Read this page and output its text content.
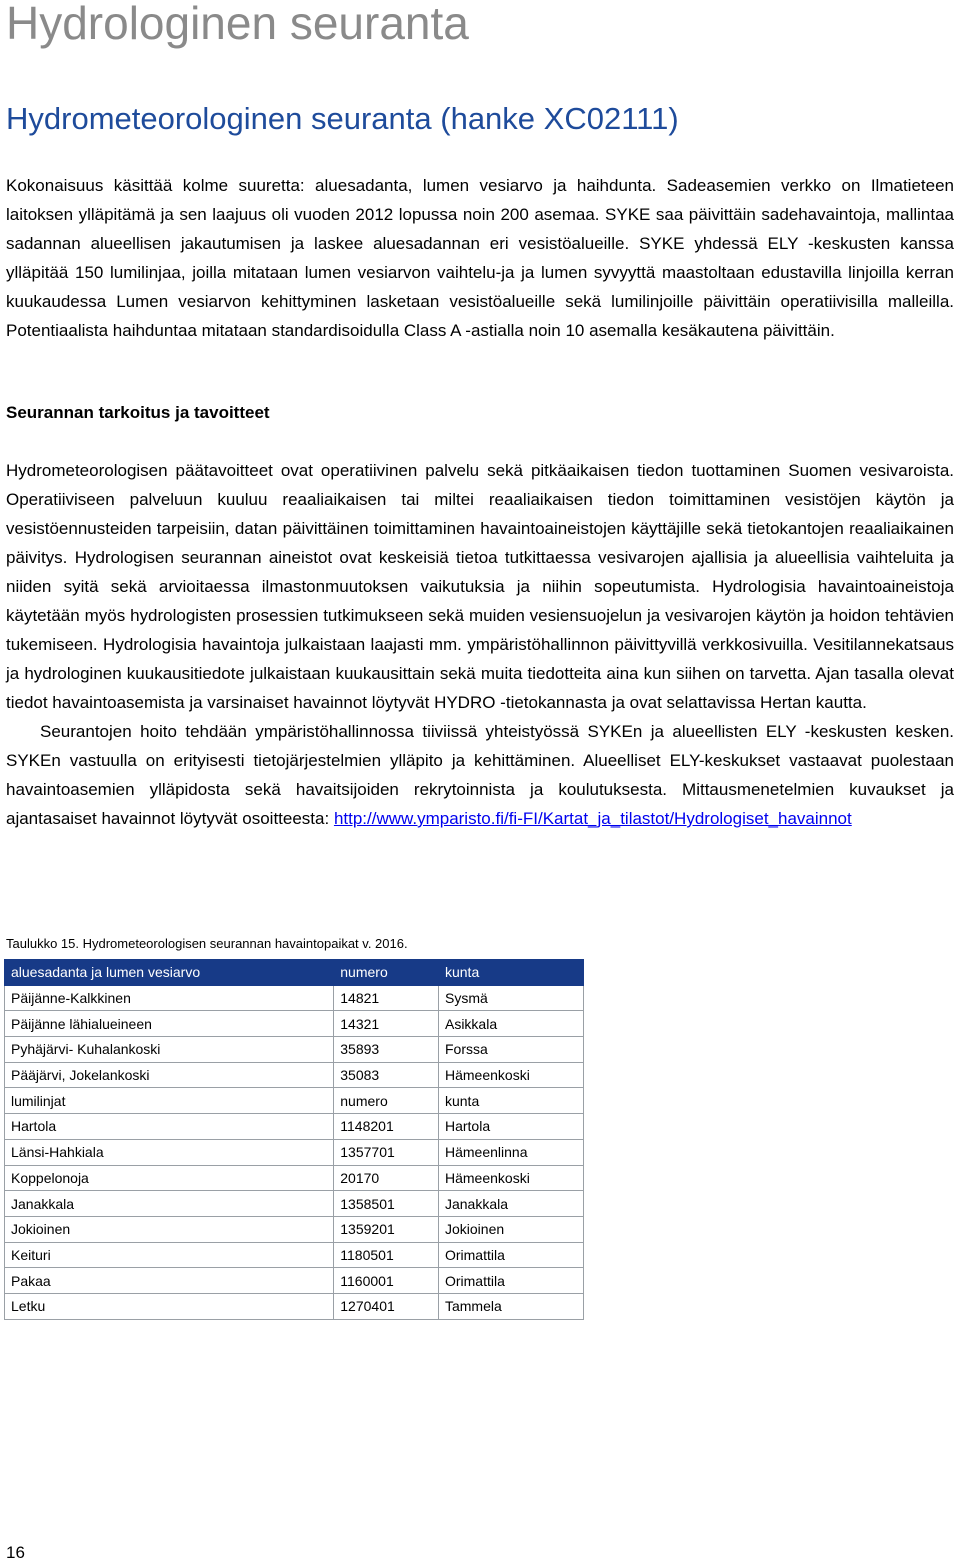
Hydrologinen seuranta
Hydrometeorologinen seuranta (hanke XC02111)

Kokonaisuus käsittää kolme suuretta: aluesadanta, lumen vesiarvo ja haihdunta. Sadeasemien verkko on Ilmatieteen laitoksen ylläpitämä ja sen laajuus oli vuoden 2012 lopussa noin 200 asemaa. SYKE saa päivittäin sadehavaintoja, mallintaa sadannan alueellisen jakautumisen ja laskee aluesadannan eri vesistöalueille. SYKE yhdessä ELY -keskusten kanssa ylläpitää 150 lumilinjaa, joilla mitataan lumen vesiarvon vaihtelu-ja ja lumen syvyyttä maastoltaan edustavilla linjoilla kerran kuukaudessa Lumen vesiarvon kehittyminen lasketaan vesistöalueille sekä lumilinjoille päivittäin operatiivisilla malleilla. Potentiaalista haihduntaa mitataan standardisoidulla Class A -astialla noin 10 asemalla kesäkautena päivittäin.

Seurannan tarkoitus ja tavoitteet

Hydrometeorologisen päätavoitteet ovat operatiivinen palvelu sekä pitkäaikaisen tiedon tuottaminen Suomen vesivaroista. Operatiiviseen palveluun kuuluu reaaliaikaisen tai miltei reaaliaikaisen tiedon toimittaminen vesistöjen käytön ja vesistöennusteiden tarpeisiin, datan päivittäinen toimittaminen havaintoaineistojen käyttäjille sekä tietokantojen reaaliaikainen päivitys. Hydrologisen seurannan aineistot ovat keskeisiä tietoa tutkittaessa vesivarojen ajallisia ja alueellisia vaihteluita ja niiden syitä sekä arvioitaessa ilmastonmuutoksen vaikutuksia ja niihin sopeutumista. Hydrologisia havaintoaineistoja käytetään myös hydrologisten prosessien tutkimukseen sekä muiden vesiensuojelun ja vesivarojen käytön ja hoidon tehtävien tukemiseen. Hydrologisia havaintoja julkaistaan laajasti mm. ympäristöhallinnon päivittyvillä verkkosivuilla. Vesitilannekatsaus ja hydrologinen kuukausitiedote julkaistaan kuukausittain sekä muita tiedotteita aina kun siihen on tarvetta. Ajan tasalla olevat tiedot havaintoasemista ja varsinaiset havainnot löytyvät HYDRO -tietokannasta ja ovat selattavissa Hertan kautta.

Seurantojen hoito tehdään ympäristöhallinnossa tiiviissä yhteistyössä SYKEn ja alueellisten ELY -keskusten kesken. SYKEn vastuulla on erityisesti tietojärjestelmien ylläpito ja kehittäminen. Alueelliset ELY-keskukset vastaavat puolestaan havaintoasemien ylläpidosta sekä havaitsijoiden rekrytoinnista ja koulutuksesta. Mittausmenetelmien kuvaukset ja ajantasaiset havainnot löytyvät osoitteesta: http://www.ymparisto.fi/fi-FI/Kartat_ja_tilastot/Hydrologiset_havainnot

Taulukko 15. Hydrometeorologisen seurannan havaintopaikat v. 2016.

aluesadanta ja lumen vesiarvo	numero	kunta
Päijänne-Kalkkinen	14821	Sysmä
Päijänne lähialueineen	14321	Asikkala
Pyhäjärvi- Kuhalankoski	35893	Forssa
Pääjärvi, Jokelankoski	35083	Hämeenkoski
lumilinjat	numero	kunta
Hartola	1148201	Hartola
Länsi-Hahkiala	1357701	Hämeenlinna
Koppelonoja	20170	Hämeenkoski
Janakkala	1358501	Janakkala
Jokioinen	1359201	Jokioinen
Keituri	1180501	Orimattila
Pakaa	1160001	Orimattila
Letku	1270401	Tammela

16
